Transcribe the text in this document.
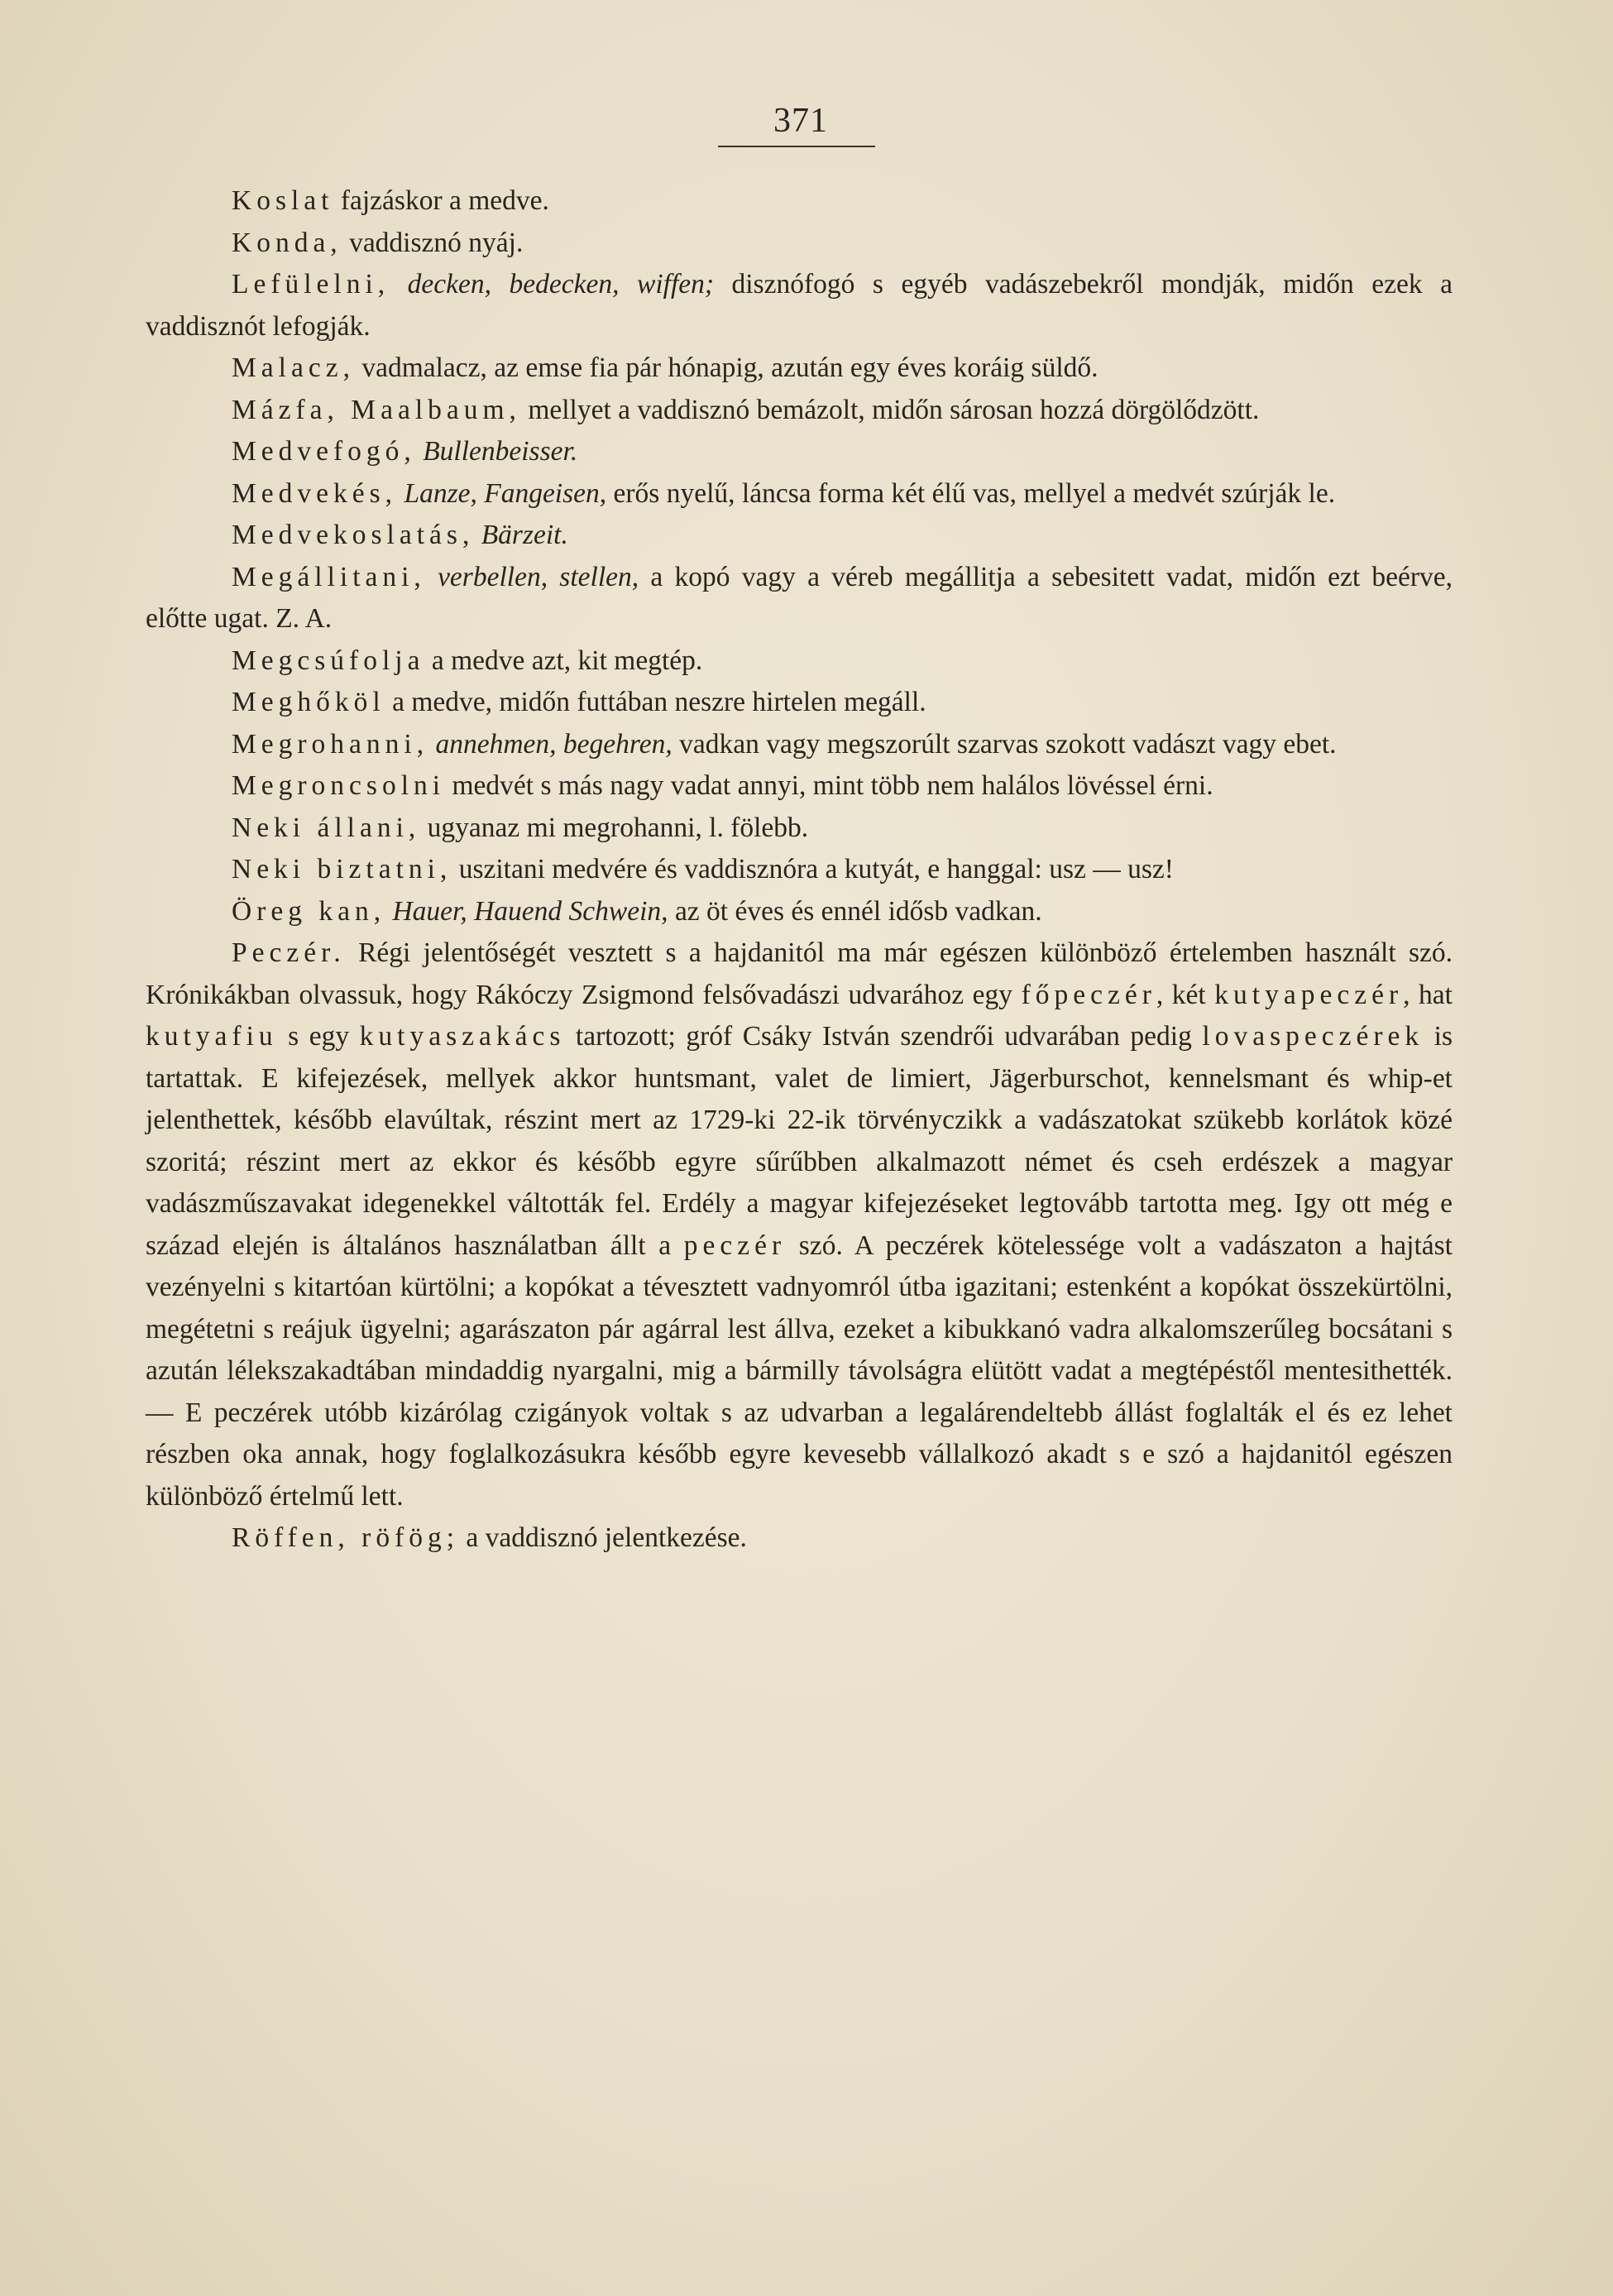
371

Koslat fajzáskor a medve.

Konda, vaddisznó nyáj.

Lefülelni, decken, bedecken, wiffen; disznófogó s egyéb vadászebekről mondják, midőn ezek a vaddisznót lefogják.

Malacz, vadmalacz, az emse fia pár hónapig, azután egy éves koráig süldő.

Mázfa, Maalbaum, mellyet a vaddisznó bemázolt, midőn sárosan hozzá dörgölődzött.

Medvefogó, Bullenbeisser.

Medvekés, Lanze, Fangeisen, erős nyelű, láncsa forma két élű vas, mellyel a medvét szúrják le.

Medvekoslatás, Bärzeit.

Megállitani, verbellen, stellen, a kopó vagy a véreb megállitja a sebesitett vadat, midőn ezt beérve, előtte ugat. Z. A.

Megcsúfolja a medve azt, kit megtép.

Meghőköl a medve, midőn futtában neszre hirtelen megáll.

Megrohanni, annehmen, begehren, vadkan vagy megszorúlt szarvas szokott vadászt vagy ebet.

Megroncsolni medvét s más nagy vadat annyi, mint több nem halálos lövéssel érni.

Neki állani, ugyanaz mi megrohanni, l. fölebb.

Neki biztatni, uszitani medvére és vaddisznóra a kutyát, e hanggal: usz — usz!

Öreg kan, Hauer, Hauend Schwein, az öt éves és ennél idősb vadkan.

Peczér. Régi jelentőségét vesztett s a hajdanitól ma már egészen különböző értelemben használt szó. Krónikákban olvassuk, hogy Rákóczy Zsigmond felsővadászi udvarához egy főpeczér, két kutyapeczér, hat kutyafiu s egy kutyaszakács tartozott; gróf Csáky István szendrői udvarában pedig lovaspeczérek is tartattak. E kifejezések, mellyek akkor huntsmant, valet de limiert, Jägerburschot, kennelsmant és whip-et jelenthettek, később elavúltak, részint mert az 1729-ki 22-ik törvényczikk a vadászatokat szükebb korlátok közé szoritá; részint mert az ekkor és később egyre sűrűbben alkalmazott német és cseh erdészek a magyar vadászműszavakat idegenekkel váltották fel. Erdély a magyar kifejezéseket legtovább tartotta meg. Igy ott még e század elején is általános használatban állt a peczér szó. A peczérek kötelessége volt a vadászaton a hajtást vezényelni s kitartóan kürtölni; a kopókat a tévesztett vadnyomról útba igazitani; estenként a kopókat összekürtölni, megétetni s reájuk ügyelni; agarászaton pár agárral lest állva, ezeket a kibukkanó vadra alkalomszerűleg bocsátani s azután lélekszakadtában mindaddig nyargalni, mig a bármilly távolságra elütött vadat a megtépéstől mentesithették. — E peczérek utóbb kizárólag czigányok voltak s az udvarban a legalárendeltebb állást foglalták el és ez lehet részben oka annak, hogy foglalkozásukra később egyre kevesebb vállalkozó akadt s e szó a hajdanitól egészen különböző értelmű lett.

Röffen, röfög; a vaddisznó jelentkezése.
